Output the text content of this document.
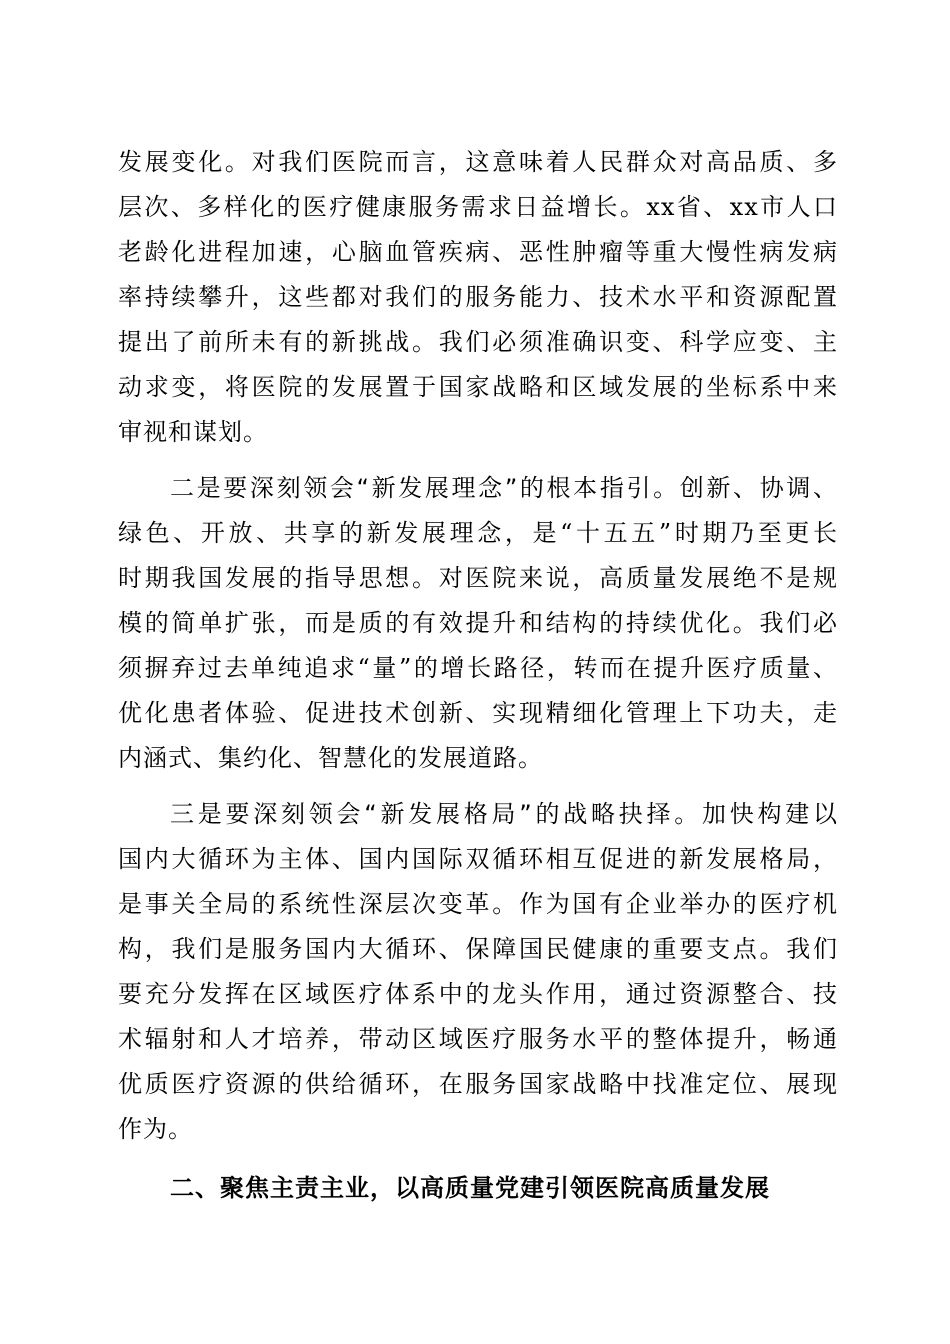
发展变化。对我们医院而言，这意味着人民群众对高品质、多
层次、多样化的医疗健康服务需求日益增长。xx省、xx市人口
老龄化进程加速，心脑血管疾病、恶性肿瘤等重大慢性病发病
率持续攀升，这些都对我们的服务能力、技术水平和资源配置
提出了前所未有的新挑战。我们必须准确识变、科学应变、主
动求变，将医院的发展置于国家战略和区域发展的坐标系中来
审视和谋划。
二是要深刻领会“新发展理念”的根本指引。创新、协调、
绿色、开放、共享的新发展理念，是“十五五”时期乃至更长
时期我国发展的指导思想。对医院来说，高质量发展绝不是规
模的简单扩张，而是质的有效提升和结构的持续优化。我们必
须摒弃过去单纯追求“量”的增长路径，转而在提升医疗质量、
优化患者体验、促进技术创新、实现精细化管理上下功夫，走
内涵式、集约化、智慧化的发展道路。
三是要深刻领会“新发展格局”的战略抉择。加快构建以
国内大循环为主体、国内国际双循环相互促进的新发展格局，
是事关全局的系统性深层次变革。作为国有企业举办的医疗机
构，我们是服务国内大循环、保障国民健康的重要支点。我们
要充分发挥在区域医疗体系中的龙头作用，通过资源整合、技
术辐射和人才培养，带动区域医疗服务水平的整体提升，畅通
优质医疗资源的供给循环，在服务国家战略中找准定位、展现
作为。
二、聚焦主责主业，以高质量党建引领医院高质量发展
